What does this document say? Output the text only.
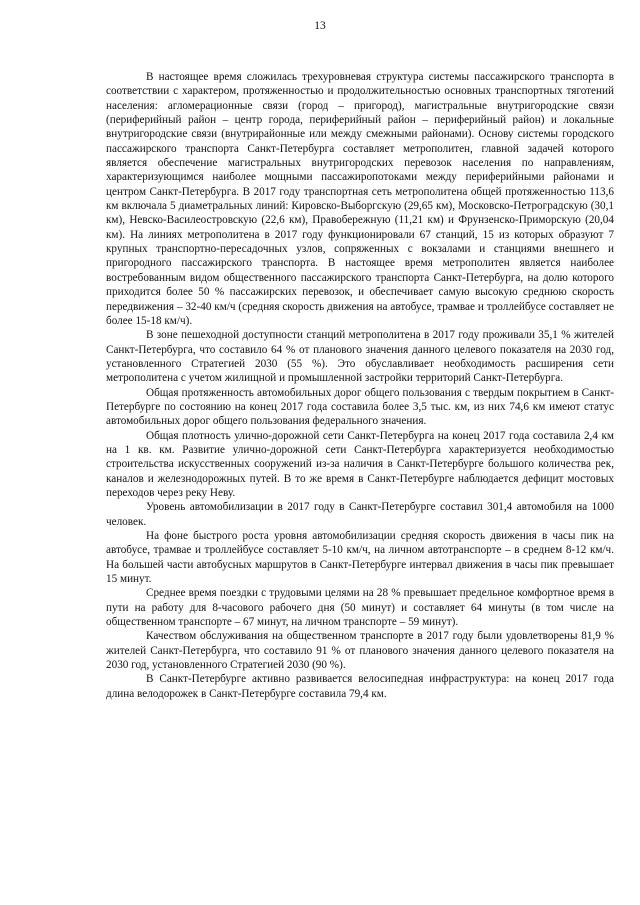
13

В настоящее время сложилась трехуровневая структура системы пассажирского транспорта в соответствии с характером, протяженностью и продолжительностью основных транспортных тяготений населения: агломерационные связи (город – пригород), магистральные внутригородские связи (периферийный район – центр города, периферийный район – периферийный район) и локальные внутригородские связи (внутрирайонные или между смежными районами). Основу системы городского пассажирского транспорта Санкт-Петербурга составляет метрополитен, главной задачей которого является обеспечение магистральных внутригородских перевозок населения по направлениям, характеризующимся наиболее мощными пассажиропотоками между периферийными районами и центром Санкт-Петербурга. В 2017 году транспортная сеть метрополитена общей протяженностью 113,6 км включала 5 диаметральных линий: Кировско-Выборгскую (29,65 км), Московско-Петроградскую (30,1 км), Невско-Василеостровскую (22,6 км), Правобережную (11,21 км) и Фрунзенско-Приморскую (20,04 км). На линиях метрополитена в 2017 году функционировали 67 станций, 15 из которых образуют 7 крупных транспортно-пересадочных узлов, сопряженных с вокзалами и станциями внешнего и пригородного пассажирского транспорта. В настоящее время метрополитен является наиболее востребованным видом общественного пассажирского транспорта Санкт-Петербурга, на долю которого приходится более 50 % пассажирских перевозок, и обеспечивает самую высокую среднюю скорость передвижения – 32-40 км/ч (средняя скорость движения на автобусе, трамвае и троллейбусе составляет не более 15-18 км/ч).

В зоне пешеходной доступности станций метрополитена в 2017 году проживали 35,1 % жителей Санкт-Петербурга, что составило 64 % от планового значения данного целевого показателя на 2030 год, установленного Стратегией 2030 (55 %). Это обуславливает необходимость расширения сети метрополитена с учетом жилищной и промышленной застройки территорий Санкт-Петербурга.

Общая протяженность автомобильных дорог общего пользования с твердым покрытием в Санкт-Петербурге по состоянию на конец 2017 года составила более 3,5 тыс. км, из них 74,6 км имеют статус автомобильных дорог общего пользования федерального значения.

Общая плотность улично-дорожной сети Санкт-Петербурга на конец 2017 года составила 2,4 км на 1 кв. км. Развитие улично-дорожной сети Санкт-Петербурга характеризуется необходимостью строительства искусственных сооружений из-за наличия в Санкт-Петербурге большого количества рек, каналов и железнодорожных путей. В то же время в Санкт-Петербурге наблюдается дефицит мостовых переходов через реку Неву.

Уровень автомобилизации в 2017 году в Санкт-Петербурге составил 301,4 автомобиля на 1000 человек.

На фоне быстрого роста уровня автомобилизации средняя скорость движения в часы пик на автобусе, трамвае и троллейбусе составляет 5-10 км/ч, на личном автотранспорте – в среднем 8-12 км/ч. На большей части автобусных маршрутов в Санкт-Петербурге интервал движения в часы пик превышает 15 минут.

Среднее время поездки с трудовыми целями на 28 % превышает предельное комфортное время в пути на работу для 8-часового рабочего дня (50 минут) и составляет 64 минуты (в том числе на общественном транспорте – 67 минут, на личном транспорте – 59 минут).

Качеством обслуживания на общественном транспорте в 2017 году были удовлетворены 81,9 % жителей Санкт-Петербурга, что составило 91 % от планового значения данного целевого показателя на 2030 год, установленного Стратегией 2030 (90 %).

В Санкт-Петербурге активно развивается велосипедная инфраструктура: на конец 2017 года длина велодорожек в Санкт-Петербурге составила 79,4 км.
